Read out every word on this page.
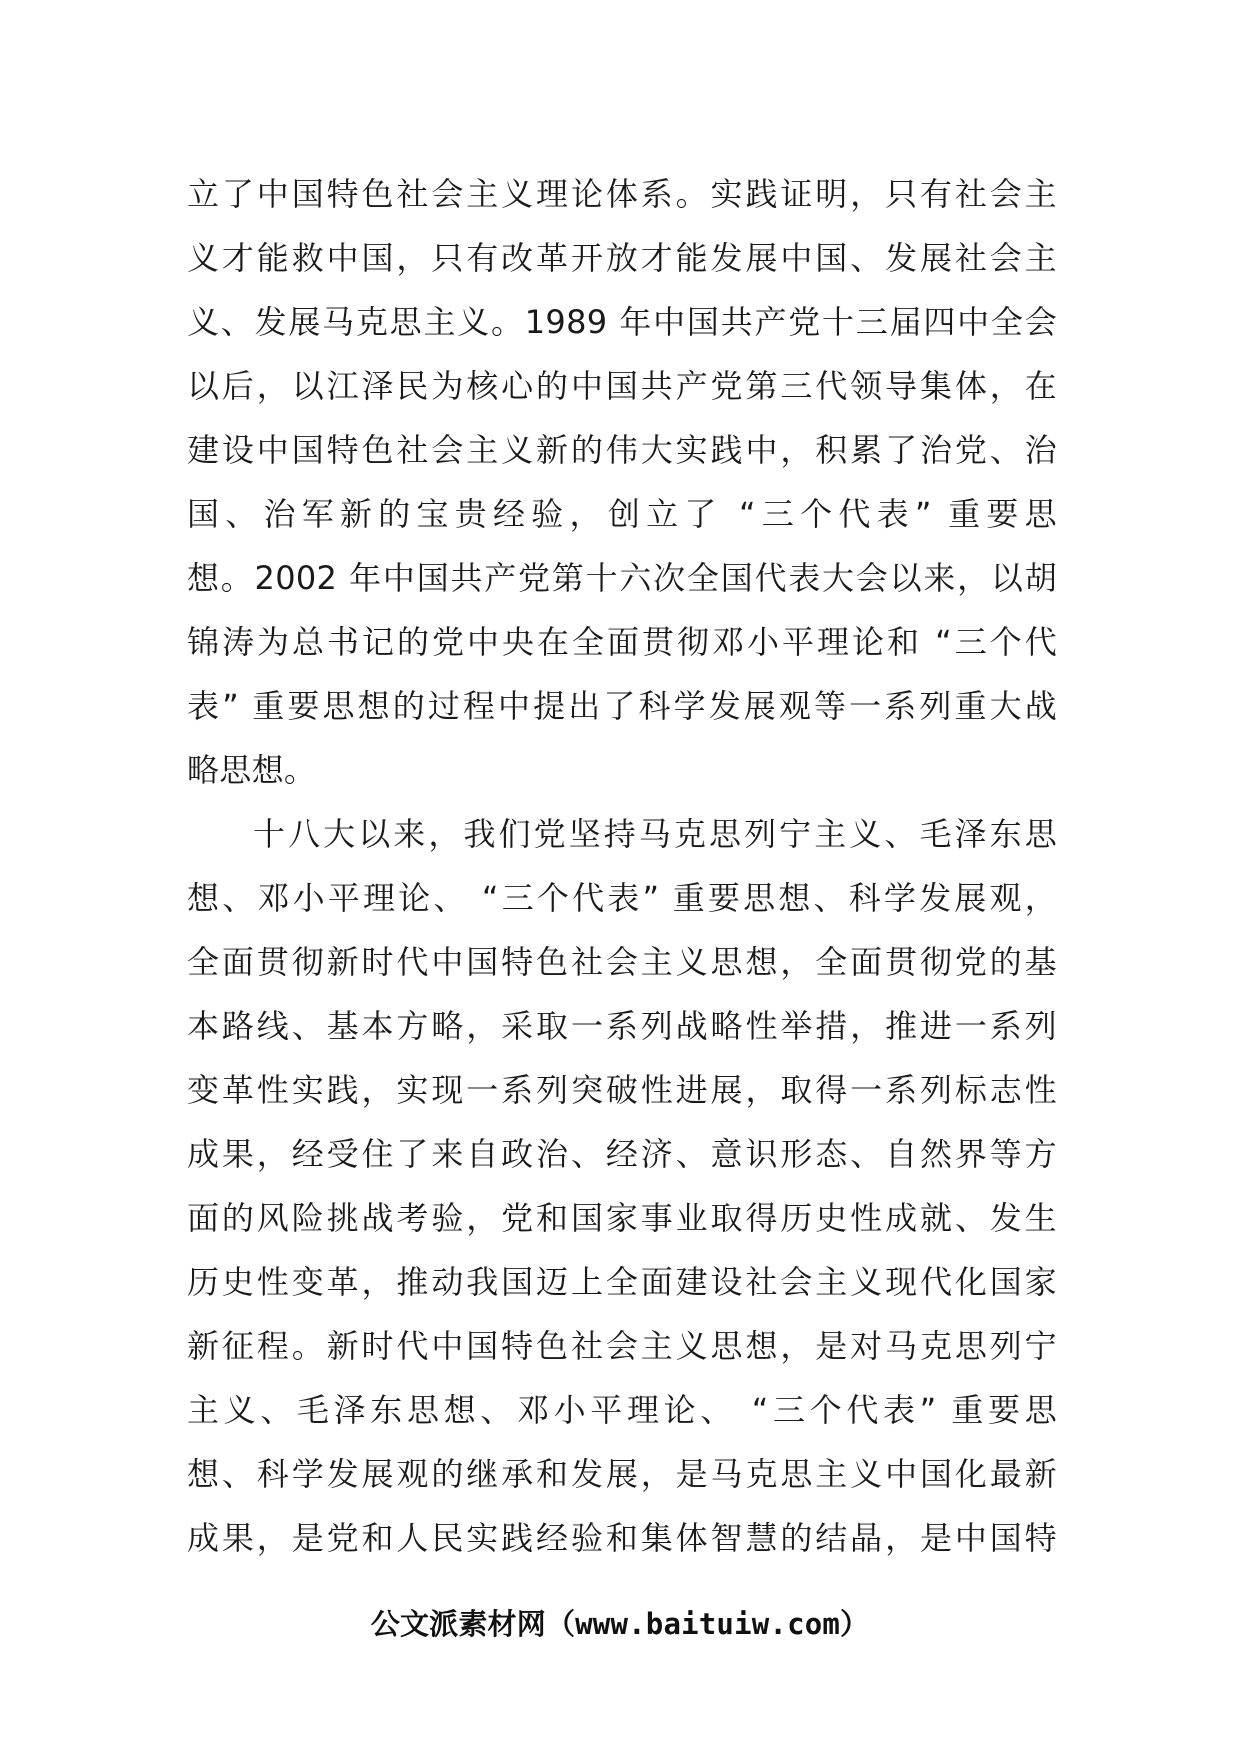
立了中国特色社会主义理论体系。实践证明，只有社会主
义才能救中国，只有改革开放才能发展中国、发展社会主
义、发展马克思主义。1989 年中国共产党十三届四中全会
以后，以江泽民为核心的中国共产党第三代领导集体，在
建设中国特色社会主义新的伟大实践中，积累了治党、治
国、治军新的宝贵经验，创立了 “三个代表” 重要思
想。2002 年中国共产党第十六次全国代表大会以来，以胡
锦涛为总书记的党中央在全面贯彻邓小平理论和 “三个代
表” 重要思想的过程中提出了科学发展观等一系列重大战
略思想。
十八大以来，我们党坚持马克思列宁主义、毛泽东思
想、邓小平理论、 “三个代表” 重要思想、科学发展观，
全面贯彻新时代中国特色社会主义思想，全面贯彻党的基
本路线、基本方略，采取一系列战略性举措，推进一系列
变革性实践，实现一系列突破性进展，取得一系列标志性
成果，经受住了来自政治、经济、意识形态、自然界等方
面的风险挑战考验，党和国家事业取得历史性成就、发生
历史性变革，推动我国迈上全面建设社会主义现代化国家
新征程。新时代中国特色社会主义思想，是对马克思列宁
主义、毛泽东思想、邓小平理论、 “三个代表” 重要思
想、科学发展观的继承和发展，是马克思主义中国化最新
成果，是党和人民实践经验和集体智慧的结晶，是中国特
公文派素材网（www.baituiw.com）
